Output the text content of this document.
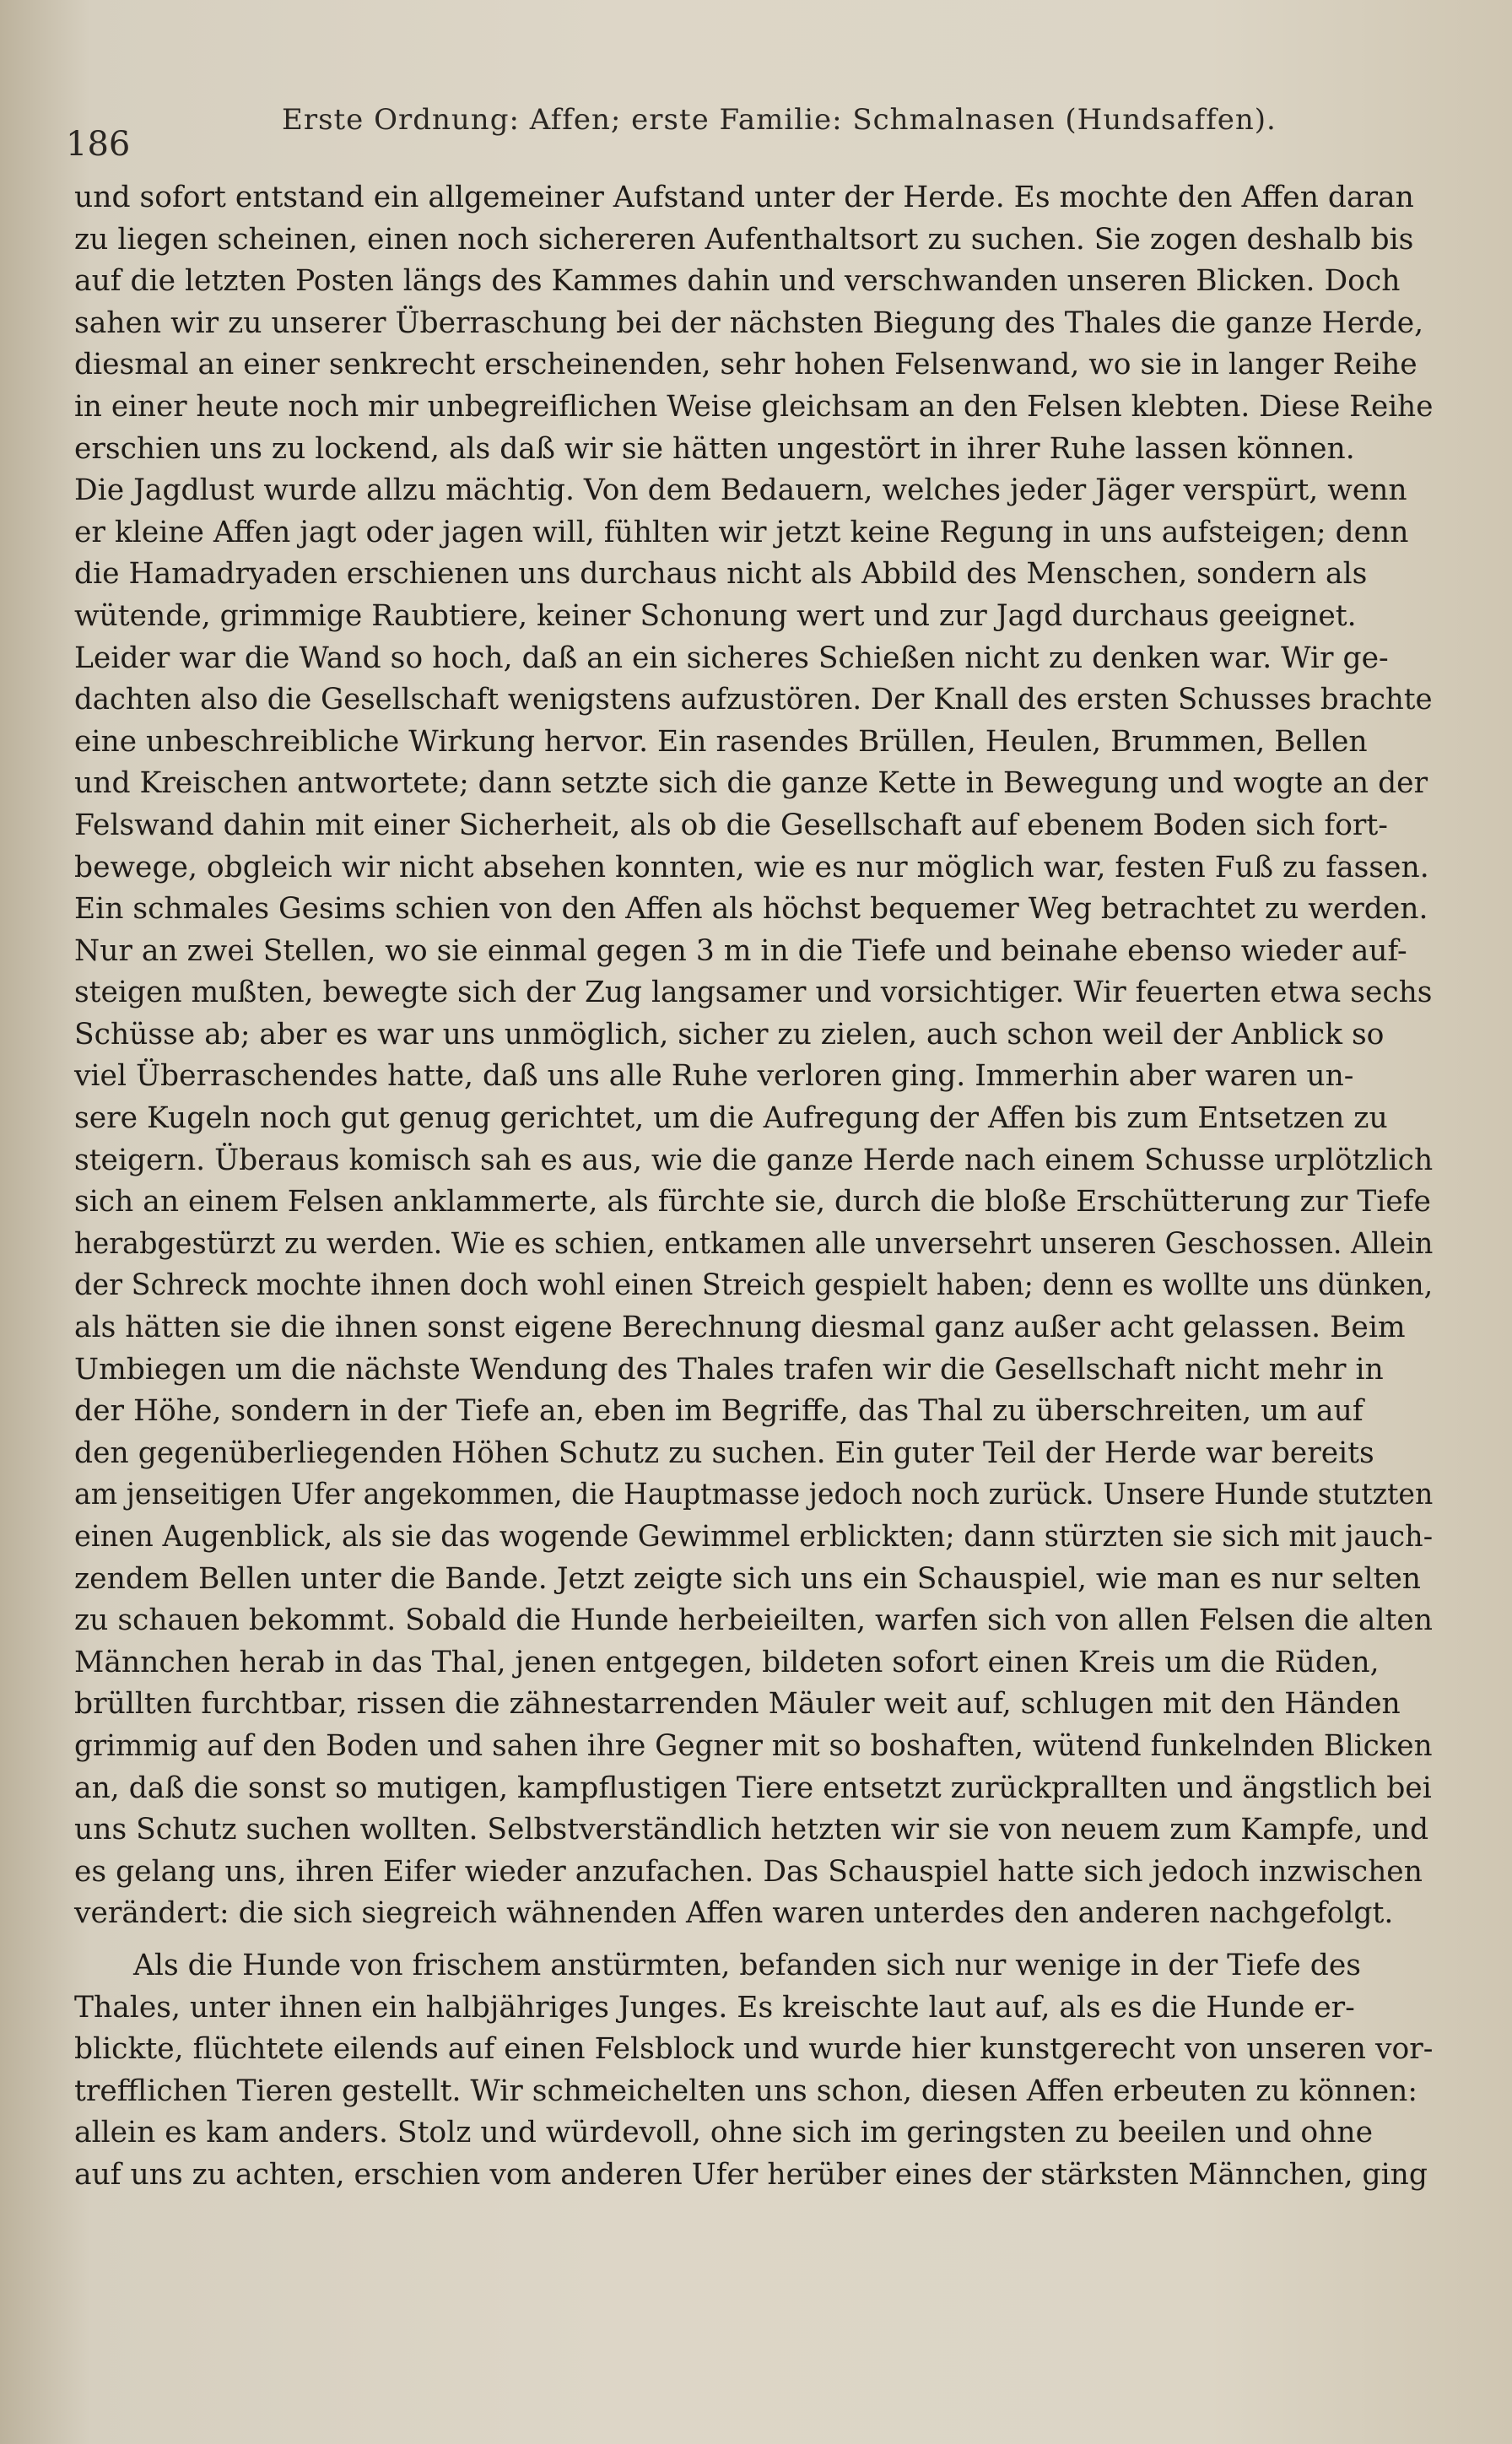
186
Erste Ordnung: Affen; erste Familie: Schmalnasen (Hundsaffen).
und sofort entstand ein allgemeiner Aufstand unter der Herde. Es mochte den Affen daran
zu liegen scheinen, einen noch sichereren Aufenthaltsort zu suchen. Sie zogen deshalb bis
auf die letzten Posten längs des Kammes dahin und verschwanden unseren Blicken. Doch
sahen wir zu unserer Überraschung bei der nächsten Biegung des Thales die ganze Herde,
diesmal an einer senkrecht erscheinenden, sehr hohen Felsenwand, wo sie in langer Reihe
in einer heute noch mir unbegreiflichen Weise gleichsam an den Felsen klebten. Diese Reihe
erschien uns zu lockend, als daß wir sie hätten ungestört in ihrer Ruhe lassen können.
Die Jagdlust wurde allzu mächtig. Von dem Bedauern, welches jeder Jäger verspürt, wenn
er kleine Affen jagt oder jagen will, fühlten wir jetzt keine Regung in uns aufsteigen; denn
die Hamadryaden erschienen uns durchaus nicht als Abbild des Menschen, sondern als
wütende, grimmige Raubtiere, keiner Schonung wert und zur Jagd durchaus geeignet.
Leider war die Wand so hoch, daß an ein sicheres Schießen nicht zu denken war. Wir ge-
dachten also die Gesellschaft wenigstens aufzustören. Der Knall des ersten Schusses brachte
eine unbeschreibliche Wirkung hervor. Ein rasendes Brüllen, Heulen, Brummen, Bellen
und Kreischen antwortete; dann setzte sich die ganze Kette in Bewegung und wogte an der
Felswand dahin mit einer Sicherheit, als ob die Gesellschaft auf ebenem Boden sich fort-
bewege, obgleich wir nicht absehen konnten, wie es nur möglich war, festen Fuß zu fassen.
Ein schmales Gesims schien von den Affen als höchst bequemer Weg betrachtet zu werden.
Nur an zwei Stellen, wo sie einmal gegen 3 m in die Tiefe und beinahe ebenso wieder auf-
steigen mußten, bewegte sich der Zug langsamer und vorsichtiger. Wir feuerten etwa sechs
Schüsse ab; aber es war uns unmöglich, sicher zu zielen, auch schon weil der Anblick so
viel Überraschendes hatte, daß uns alle Ruhe verloren ging. Immerhin aber waren un-
sere Kugeln noch gut genug gerichtet, um die Aufregung der Affen bis zum Entsetzen zu
steigern. Überaus komisch sah es aus, wie die ganze Herde nach einem Schusse urplötzlich
sich an einem Felsen anklammerte, als fürchte sie, durch die bloße Erschütterung zur Tiefe
herabgestürzt zu werden. Wie es schien, entkamen alle unversehrt unseren Geschossen. Allein
der Schreck mochte ihnen doch wohl einen Streich gespielt haben; denn es wollte uns dünken,
als hätten sie die ihnen sonst eigene Berechnung diesmal ganz außer acht gelassen. Beim
Umbiegen um die nächste Wendung des Thales trafen wir die Gesellschaft nicht mehr in
der Höhe, sondern in der Tiefe an, eben im Begriffe, das Thal zu überschreiten, um auf
den gegenüberliegenden Höhen Schutz zu suchen. Ein guter Teil der Herde war bereits
am jenseitigen Ufer angekommen, die Hauptmasse jedoch noch zurück. Unsere Hunde stutzten
einen Augenblick, als sie das wogende Gewimmel erblickten; dann stürzten sie sich mit jauch-
zendem Bellen unter die Bande. Jetzt zeigte sich uns ein Schauspiel, wie man es nur selten
zu schauen bekommt. Sobald die Hunde herbeieilten, warfen sich von allen Felsen die alten
Männchen herab in das Thal, jenen entgegen, bildeten sofort einen Kreis um die Rüden,
brüllten furchtbar, rissen die zähnestarrenden Mäuler weit auf, schlugen mit den Händen
grimmig auf den Boden und sahen ihre Gegner mit so boshaften, wütend funkelnden Blicken
an, daß die sonst so mutigen, kampflustigen Tiere entsetzt zurückprallten und ängstlich bei
uns Schutz suchen wollten. Selbstverständlich hetzten wir sie von neuem zum Kampfe, und
es gelang uns, ihren Eifer wieder anzufachen. Das Schauspiel hatte sich jedoch inzwischen
verändert: die sich siegreich wähnenden Affen waren unterdes den anderen nachgefolgt.
Als die Hunde von frischem anstürmten, befanden sich nur wenige in der Tiefe des
Thales, unter ihnen ein halbjähriges Junges. Es kreischte laut auf, als es die Hunde er-
blickte, flüchtete eilends auf einen Felsblock und wurde hier kunstgerecht von unseren vor-
trefflichen Tieren gestellt. Wir schmeichelten uns schon, diesen Affen erbeuten zu können:
allein es kam anders. Stolz und würdevoll, ohne sich im geringsten zu beeilen und ohne
auf uns zu achten, erschien vom anderen Ufer herüber eines der stärksten Männchen, ging
